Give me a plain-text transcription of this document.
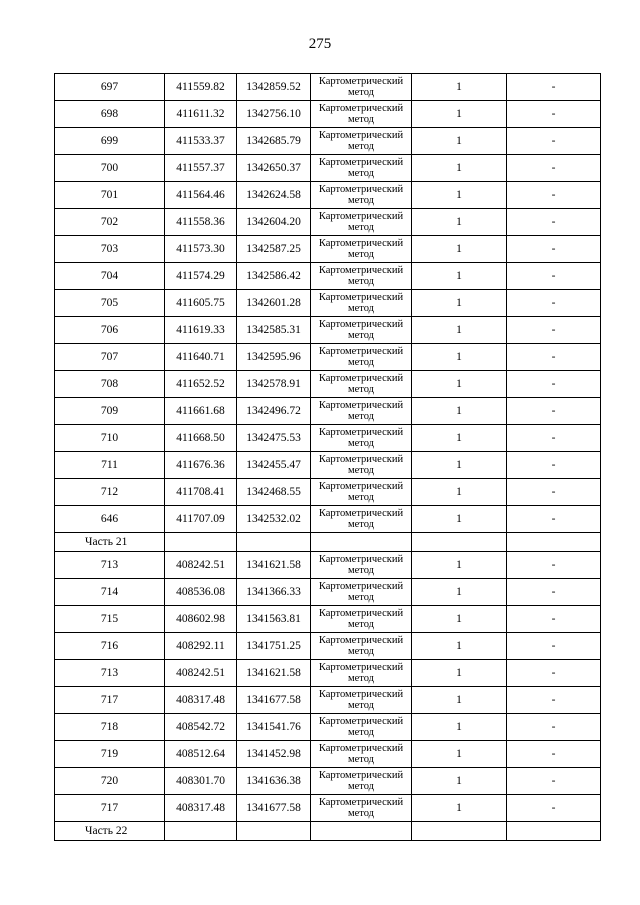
275
697	411559.82	1342859.52	Картометрический метод	1	-
698	411611.32	1342756.10	Картометрический метод	1	-
699	411533.37	1342685.79	Картометрический метод	1	-
700	411557.37	1342650.37	Картометрический метод	1	-
701	411564.46	1342624.58	Картометрический метод	1	-
702	411558.36	1342604.20	Картометрический метод	1	-
703	411573.30	1342587.25	Картометрический метод	1	-
704	411574.29	1342586.42	Картометрический метод	1	-
705	411605.75	1342601.28	Картометрический метод	1	-
706	411619.33	1342585.31	Картометрический метод	1	-
707	411640.71	1342595.96	Картометрический метод	1	-
708	411652.52	1342578.91	Картометрический метод	1	-
709	411661.68	1342496.72	Картометрический метод	1	-
710	411668.50	1342475.53	Картометрический метод	1	-
711	411676.36	1342455.47	Картометрический метод	1	-
712	411708.41	1342468.55	Картометрический метод	1	-
646	411707.09	1342532.02	Картометрический метод	1	-
Часть 21					
713	408242.51	1341621.58	Картометрический метод	1	-
714	408536.08	1341366.33	Картометрический метод	1	-
715	408602.98	1341563.81	Картометрический метод	1	-
716	408292.11	1341751.25	Картометрический метод	1	-
713	408242.51	1341621.58	Картометрический метод	1	-
717	408317.48	1341677.58	Картометрический метод	1	-
718	408542.72	1341541.76	Картометрический метод	1	-
719	408512.64	1341452.98	Картометрический метод	1	-
720	408301.70	1341636.38	Картометрический метод	1	-
717	408317.48	1341677.58	Картометрический метод	1	-
Часть 22					
